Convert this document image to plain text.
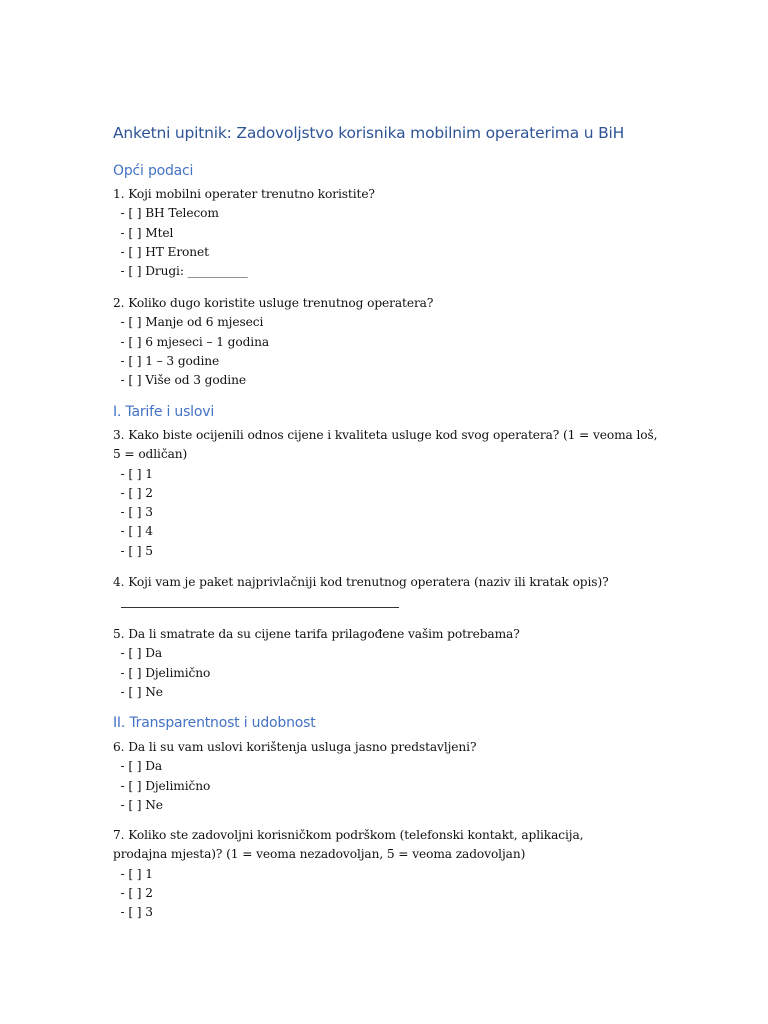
Anketni upitnik: Zadovoljstvo korisnika mobilnim operaterima u BiH
Opći podaci
1. Koji mobilni operater trenutno koristite?
- [ ] BH Telecom
- [ ] Mtel
- [ ] HT Eronet
- [ ] Drugi: __________
2. Koliko dugo koristite usluge trenutnog operatera?
- [ ] Manje od 6 mjeseci
- [ ] 6 mjeseci – 1 godina
- [ ] 1 – 3 godine
- [ ] Više od 3 godine
I. Tarife i uslovi
3. Kako biste ocijenili odnos cijene i kvaliteta usluge kod svog operatera? (1 = veoma loš, 5 = odličan)
- [ ] 1
- [ ] 2
- [ ] 3
- [ ] 4
- [ ] 5
4. Koji vam je paket najprivlačniji kod trenutnog operatera (naziv ili kratak opis)?
5. Da li smatrate da su cijene tarifa prilagođene vašim potrebama?
- [ ] Da
- [ ] Djelimično
- [ ] Ne
II. Transparentnost i udobnost
6. Da li su vam uslovi korištenja usluga jasno predstavljeni?
- [ ] Da
- [ ] Djelimično
- [ ] Ne
7. Koliko ste zadovoljni korisničkom podrškom (telefonski kontakt, aplikacija, prodajna mjesta)? (1 = veoma nezadovoljan, 5 = veoma zadovoljan)
- [ ] 1
- [ ] 2
- [ ] 3
